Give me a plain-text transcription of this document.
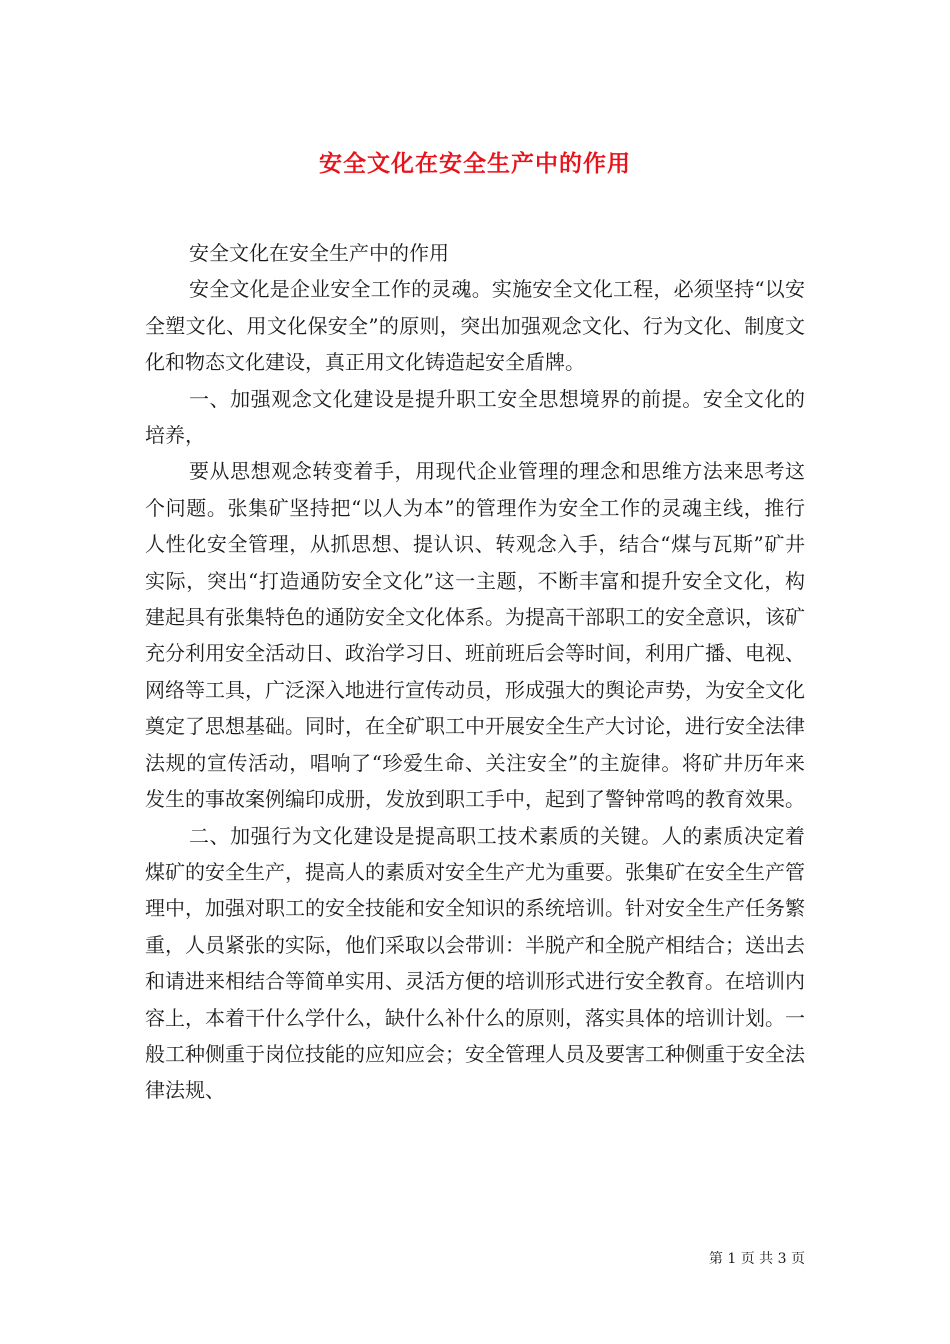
安全文化在安全生产中的作用

安全文化在安全生产中的作用

安全文化是企业安全工作的灵魂。实施安全文化工程，必须坚持“以安全塑文化、用文化保安全”的原则，突出加强观念文化、行为文化、制度文化和物态文化建设，真正用文化铸造起安全盾牌。

一、加强观念文化建设是提升职工安全思想境界的前提。安全文化的培养，

要从思想观念转变着手，用现代企业管理的理念和思维方法来思考这个问题。张集矿坚持把“以人为本”的管理作为安全工作的灵魂主线，推行人性化安全管理，从抓思想、提认识、转观念入手，结合“煤与瓦斯”矿井实际，突出“打造通防安全文化”这一主题，不断丰富和提升安全文化，构建起具有张集特色的通防安全文化体系。为提高干部职工的安全意识，该矿充分利用安全活动日、政治学习日、班前班后会等时间，利用广播、电视、网络等工具，广泛深入地进行宣传动员，形成强大的舆论声势，为安全文化奠定了思想基础。同时，在全矿职工中开展安全生产大讨论，进行安全法律法规的宣传活动，唱响了“珍爱生命、关注安全”的主旋律。将矿井历年来发生的事故案例编印成册，发放到职工手中，起到了警钟常鸣的教育效果。

二、加强行为文化建设是提高职工技术素质的关键。人的素质决定着煤矿的安全生产，提高人的素质对安全生产尤为重要。张集矿在安全生产管理中，加强对职工的安全技能和安全知识的系统培训。针对安全生产任务繁重，人员紧张的实际，他们采取以会带训：半脱产和全脱产相结合；送出去和请进来相结合等简单实用、灵活方便的培训形式进行安全教育。在培训内容上，本着干什么学什么，缺什么补什么的原则，落实具体的培训计划。一般工种侧重于岗位技能的应知应会；安全管理人员及要害工种侧重于安全法律法规、

第 1 页 共 3 页
